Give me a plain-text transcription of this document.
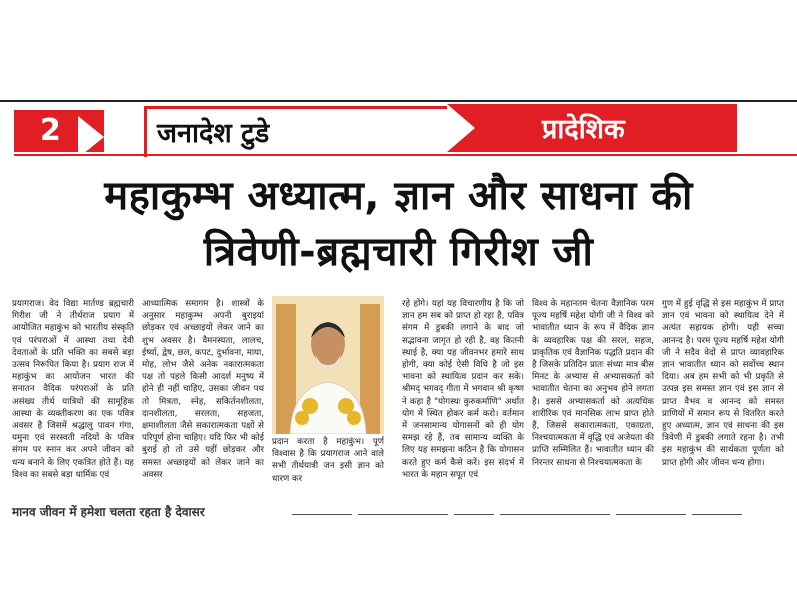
2	जनादेश टुडे	प्रादेशिक
महाकुम्भ अध्यात्म, ज्ञान और साधना की
त्रिवेणी-ब्रह्मचारी गिरीश जी

प्रयागराज। वेद विद्या मार्तण्ड ब्रह्मचारी गिरीश जी ने तीर्थराज प्रयाग में आयोजित महाकुंभ को भारतीय संस्कृति एवं परंपराओं में आस्था तथा देवी देवताओं के प्रति भक्ति का सबसे बड़ा उत्सव निरूपित किया है। प्रयाग राज में महाकुंभ का आयोजन भारत की सनातन वैदिक परंपराओं के प्रति असंख्य तीर्थ यात्रियों की सामूहिक आस्था के व्यक्तीकरण का एक पवित्र अवसर है जिसमें श्रद्धालु पावन गंगा, यमुना एवं सरस्वती नदियों के पवित्र संगम पर स्नान कर अपने जीवन को धन्य बनाने के लिए एकत्रित होते हैं। यह विश्व का सबसे बड़ा धार्मिक एवं

आध्यात्मिक समागम है। शास्त्रों के अनुसार महाकुम्भ अपनी बुराइयां छोड़कर एवं अच्छाइयों लेकर जाने का शुभ अवसर है। वैमनस्यता, लालच, ईर्ष्या, द्वेष, छल, कपट, दुर्भावना, माया, मोह, लोभ जैसे अनेक नकारात्मकता पक्ष तो पहले किसी आदर्श मनुष्य में होने ही नहीं चाहिए, उसका जीवन पथ तो मित्रता, स्नेह, सकिर्तनशीलता, दानशीलता, सरलता, सहजता, क्षमाशीलता जैसे सकारात्मकता पक्षों से परिपूर्ण होना चाहिए। यदि फिर भी कोई बुराई हो तो उसे यहीं छोड़कर और समस्त अच्छाइयों को लेकर जाने का अवसर

प्रदान करता है महाकुंभ। पूर्ण विश्वास है कि प्रयागराज आने वाले सभी तीर्थयात्री जन इसी ज्ञान को धारण कर

रहे होंगे। यहां यह विचारणीय है कि जो ज्ञान हम सब को प्राप्त हो रहा है, पवित्र संगम में डुबकी लगाने के बाद जो सद्भावना जागृत हो रही है, वह कितनी स्थाई है, क्या यह जीवनभर हमारे साथ होगी, क्या कोई ऐसी विधि है जो इस भावना को स्थायित्व प्रदान कर सके। श्रीमद् भगवद् गीता में भगवान श्री कृष्ण ने कहा है "योगस्थः कुरुकर्माणि" अर्थात योग में स्थित होकर कर्म करो। वर्तमान में जनसामान्य योगासनों को ही योग समझ रहे हैं, तब सामान्य व्यक्ति के लिए यह समझना कठिन है कि योगासन करते हुए कर्म कैसे करें। इस संदर्भ में भारत के महान सपूत एवं

विश्व के महानतम चेतना वैज्ञानिक परम पूज्य महर्षि महेश योगी जी ने विश्व को भावातीत ध्यान के रूप में वैदिक ज्ञान के व्यवहारिक पक्ष की सरल, सहज, प्राकृतिक एवं वैज्ञानिक पद्धति प्रदान की है जिसके प्रतिदिन प्रातः संध्या मात्र बीस मिनट के अभ्यास से अभ्यासकर्ता को भावातीत चेतना का अनुभव होने लगता है। इससे अभ्यासकर्ता को अत्यधिक शारीरिक एवं मानसिक लाभ प्राप्त होते हैं, जिससे सकारात्मकता, एकाग्रता, निश्चयात्मकता में वृद्धि एवं अजेयता की प्राप्ति सम्मिलित हैं। भावातीत ध्यान की निरन्तर साधना से निश्चयात्मकता के

गुण में हुई वृद्धि से इस महाकुंभ में प्राप्त ज्ञान एवं भावना को स्थायित्व देने में अत्यंत सहायक होगी। यही सच्चा आनन्द है। परम पूज्य महर्षि महेश योगी जी ने सदैव वेदों से प्राप्त व्यावहारिक ज्ञान भावातीत ध्यान को सर्वोच्च स्थान दिया। अब हम सभी को भी प्रकृति से उत्पन्न इस समस्त ज्ञान एवं इस ज्ञान से प्राप्त वैभव व आनन्द को समस्त प्राणियों में समान रूप से वितरित करते हुए अध्यात्म, ज्ञान एवं साधना की इस त्रिवेणी में डुबकी लगाते रहना है। तभी इस महाकुंभ की सार्थकता पूर्णता को प्राप्त होगी और जीवन धन्य होगा।

मानव जीवन में हमेशा चलता रहता है देवासर
